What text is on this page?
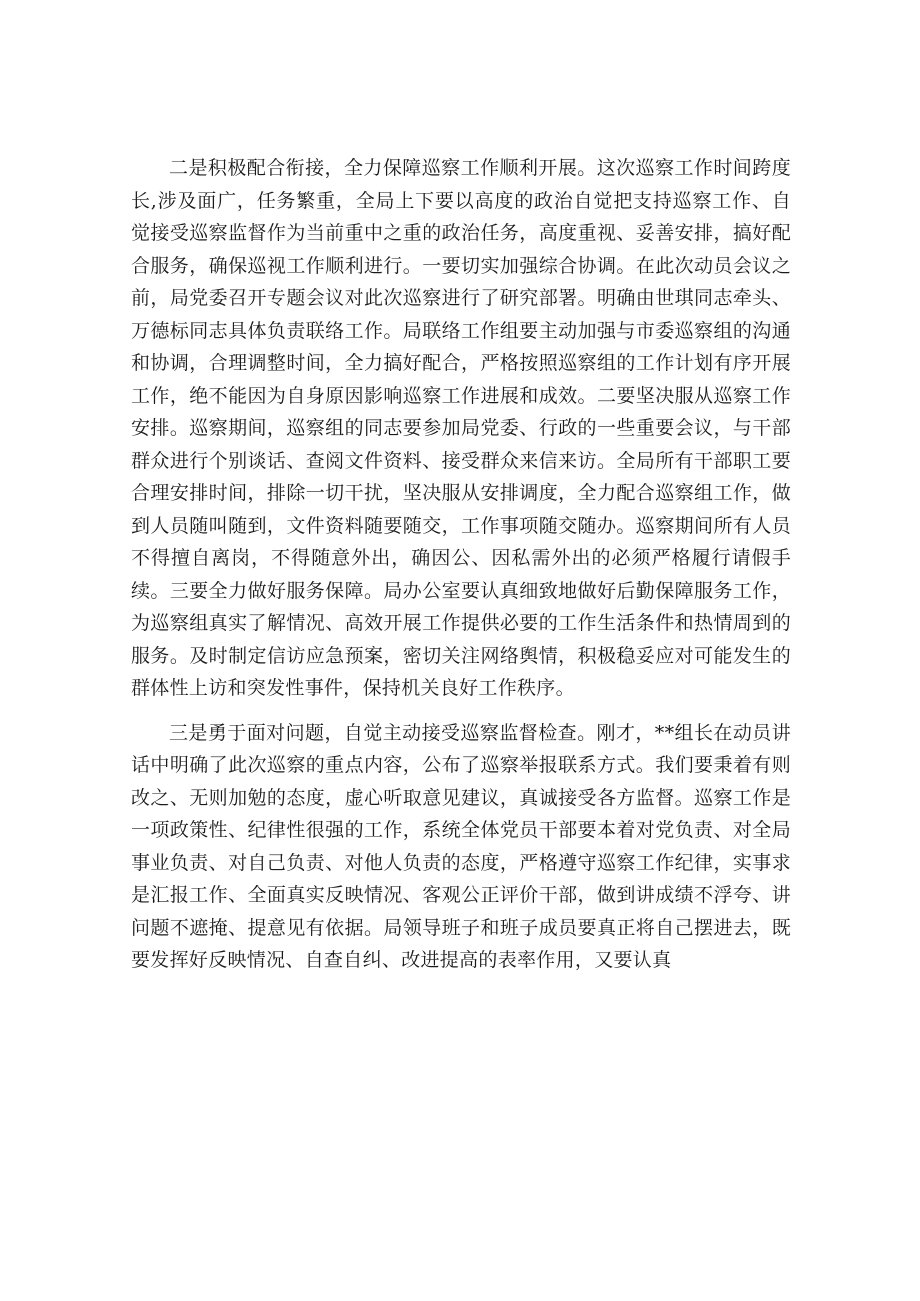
二是积极配合衔接，全力保障巡察工作顺利开展。这次巡察工作时间跨度长,涉及面广，任务繁重，全局上下要以高度的政治自觉把支持巡察工作、自觉接受巡察监督作为当前重中之重的政治任务，高度重视、妥善安排，搞好配合服务，确保巡视工作顺利进行。一要切实加强综合协调。在此次动员会议之前，局党委召开专题会议对此次巡察进行了研究部署。明确由世琪同志牵头、万德标同志具体负责联络工作。局联络工作组要主动加强与市委巡察组的沟通和协调，合理调整时间，全力搞好配合，严格按照巡察组的工作计划有序开展工作，绝不能因为自身原因影响巡察工作进展和成效。二要坚决服从巡察工作安排。巡察期间，巡察组的同志要参加局党委、行政的一些重要会议，与干部群众进行个别谈话、查阅文件资料、接受群众来信来访。全局所有干部职工要合理安排时间，排除一切干扰，坚决服从安排调度，全力配合巡察组工作，做到人员随叫随到，文件资料随要随交，工作事项随交随办。巡察期间所有人员不得擅自离岗，不得随意外出，确因公、因私需外出的必须严格履行请假手续。三要全力做好服务保障。局办公室要认真细致地做好后勤保障服务工作，为巡察组真实了解情况、高效开展工作提供必要的工作生活条件和热情周到的服务。及时制定信访应急预案，密切关注网络舆情，积极稳妥应对可能发生的群体性上访和突发性事件，保持机关良好工作秩序。

三是勇于面对问题，自觉主动接受巡察监督检查。刚才，**组长在动员讲话中明确了此次巡察的重点内容，公布了巡察举报联系方式。我们要秉着有则改之、无则加勉的态度，虚心听取意见建议，真诚接受各方监督。巡察工作是一项政策性、纪律性很强的工作，系统全体党员干部要本着对党负责、对全局事业负责、对自己负责、对他人负责的态度，严格遵守巡察工作纪律，实事求是汇报工作、全面真实反映情况、客观公正评价干部，做到讲成绩不浮夸、讲问题不遮掩、提意见有依据。局领导班子和班子成员要真正将自己摆进去，既要发挥好反映情况、自查自纠、改进提高的表率作用，又要认真
